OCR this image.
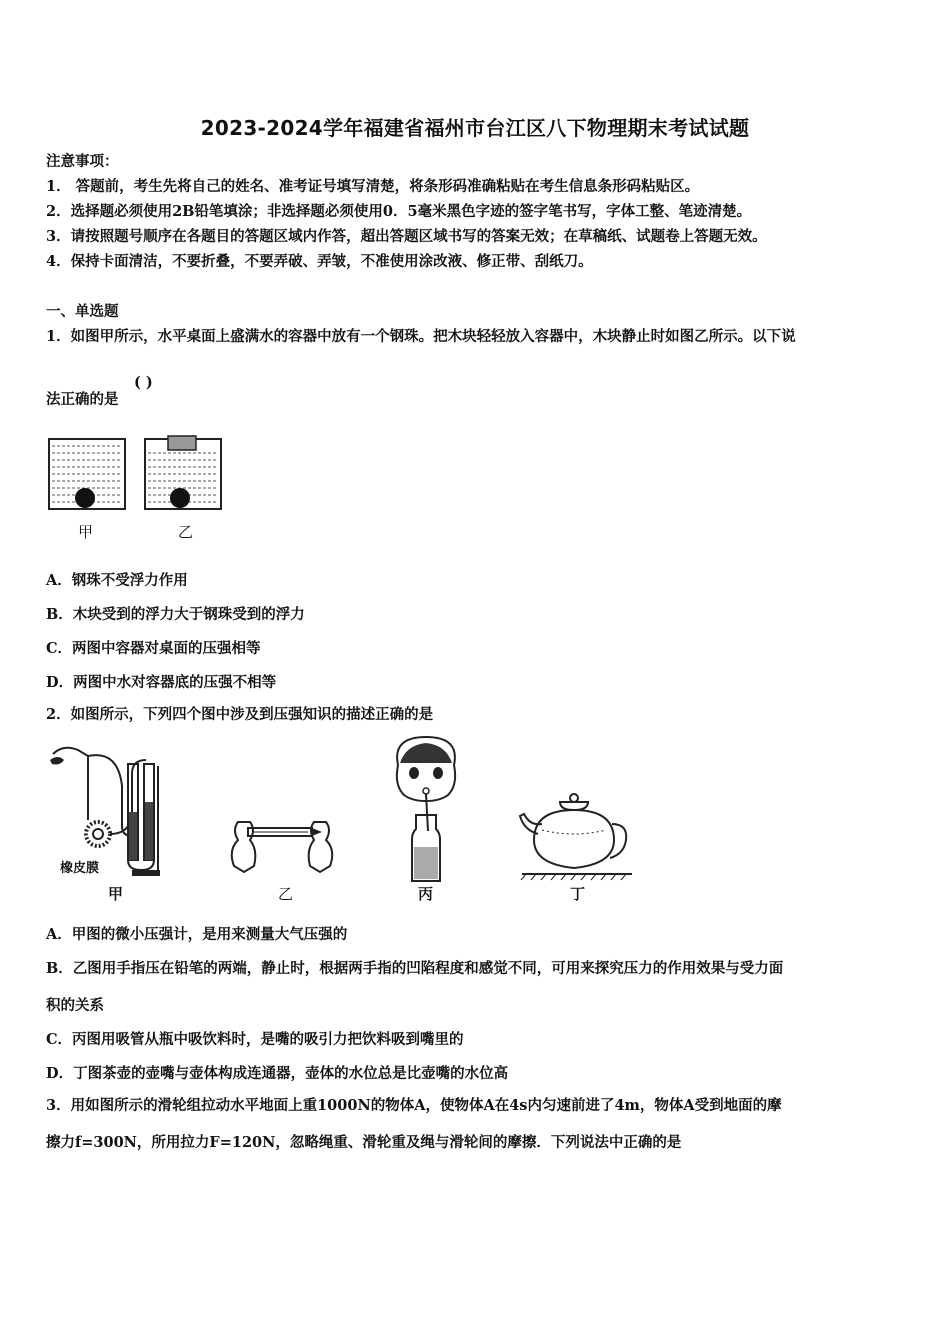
2023-2024学年福建省福州市台江区八下物理期末考试试题
注意事项：
1． 答题前，考生先将自己的姓名、准考证号填写清楚，将条形码准确粘贴在考生信息条形码粘贴区。
2．选择题必须使用2B铅笔填涂；非选择题必须使用0．5毫米黑色字迹的签字笔书写，字体工整、笔迹清楚。
3．请按照题号顺序在各题目的答题区域内作答，超出答题区域书写的答案无效；在草稿纸、试题卷上答题无效。
4．保持卡面清洁，不要折叠，不要弄破、弄皱，不准使用涂改液、修正带、刮纸刀。
一、单选题
1．如图甲所示，水平桌面上盛满水的容器中放有一个钢珠。把木块轻轻放入容器中，木块静止时如图乙所示。以下说
法正确的是
( )
甲	乙
A．钢珠不受浮力作用
B．木块受到的浮力大于钢珠受到的浮力
C．两图中容器对桌面的压强相等
D．两图中水对容器底的压强不相等
2．如图所示，下列四个图中涉及到压强知识的描述正确的是
橡皮膜
甲	乙	丙	丁
A．甲图的微小压强计，是用来测量大气压强的
B．乙图用手指压在铅笔的两端，静止时，根据两手指的凹陷程度和感觉不同，可用来探究压力的作用效果与受力面
积的关系
C．丙图用吸管从瓶中吸饮料时，是嘴的吸引力把饮料吸到嘴里的
D．丁图茶壶的壶嘴与壶体构成连通器，壶体的水位总是比壶嘴的水位高
3．用如图所示的滑轮组拉动水平地面上重1000N的物体A，使物体A在4s内匀速前进了4m，物体A受到地面的摩
擦力f=300N，所用拉力F=120N，忽略绳重、滑轮重及绳与滑轮间的摩擦．下列说法中正确的是
